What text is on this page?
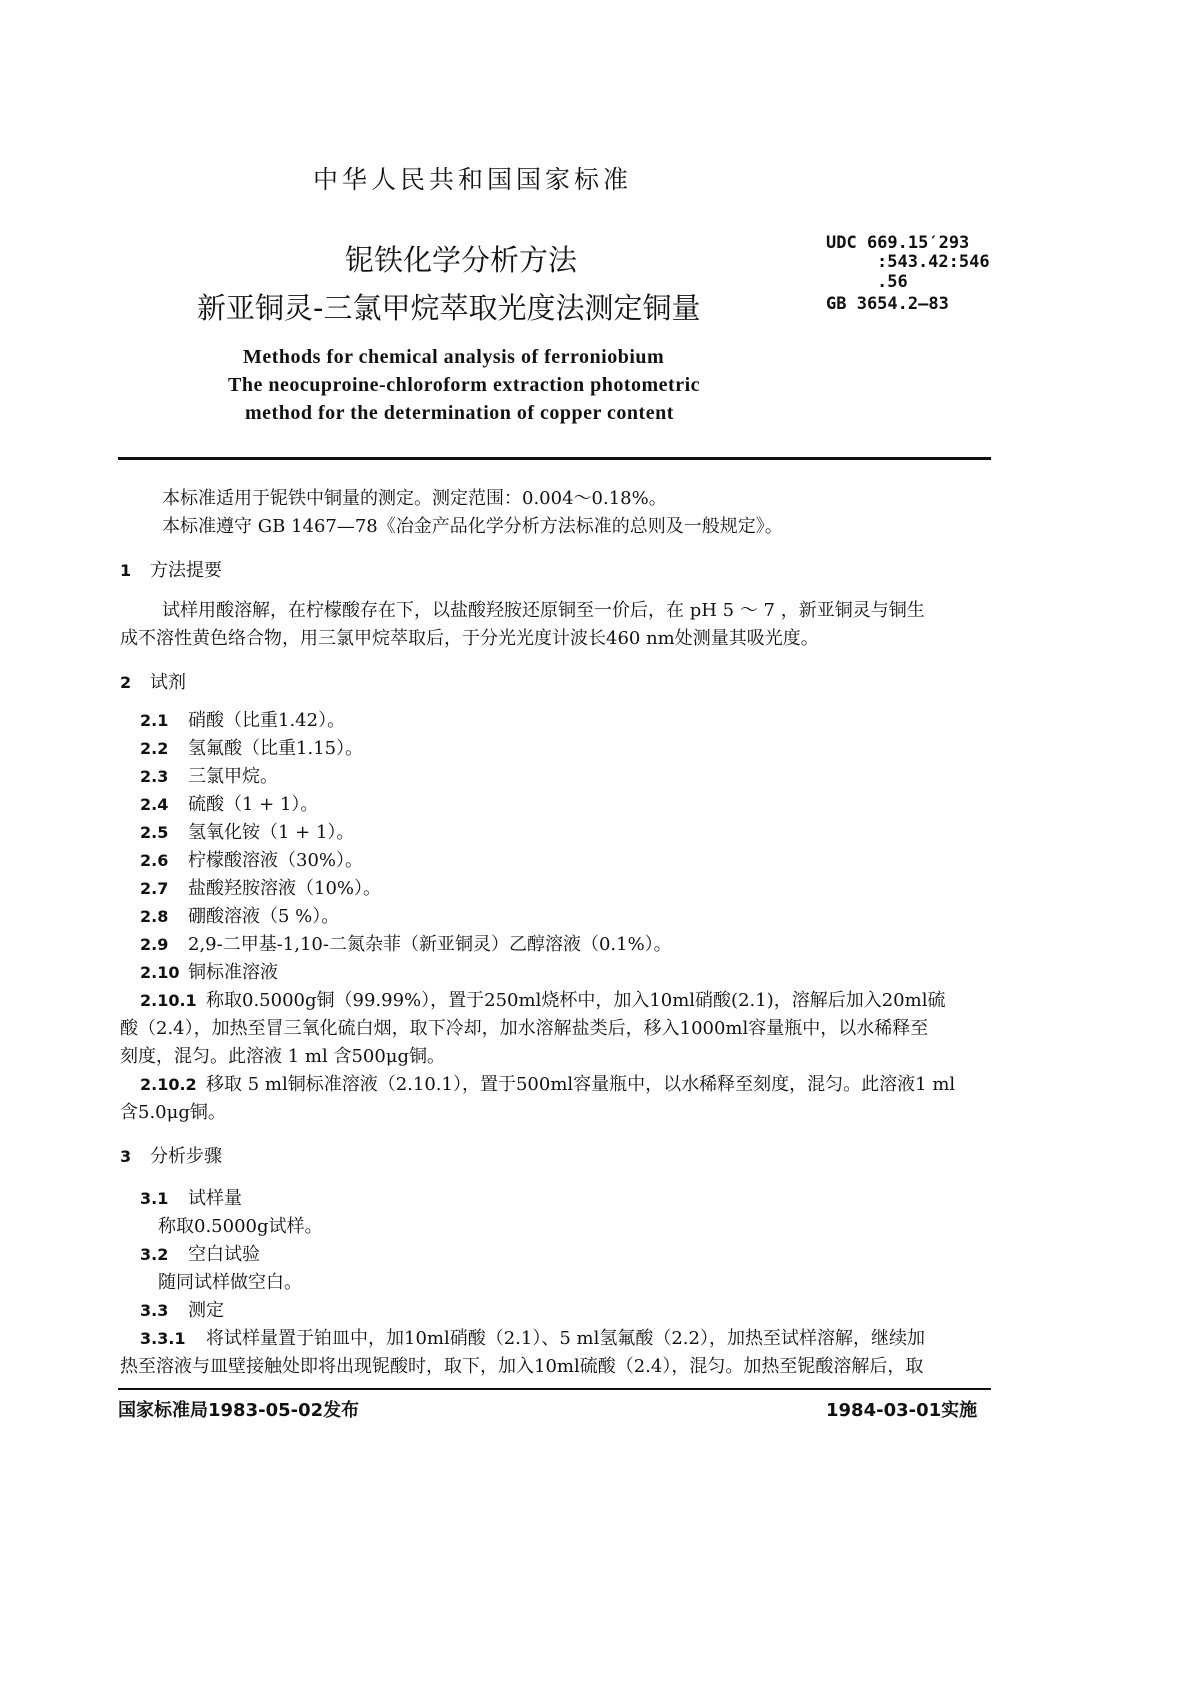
中华人民共和国国家标准
铌铁化学分析方法
新亚铜灵-三氯甲烷萃取光度法测定铜量
UDC 669.15′293
:543.42:546
.56
GB 3654.2—83
Methods for chemical analysis of ferroniobium
The neocuproine-chloroform extraction photometric
method for the determination of copper content
本标准适用于铌铁中铜量的测定。测定范围：0.004～0.18%。
本标准遵守 GB 1467—78《冶金产品化学分析方法标准的总则及一般规定》。
1 方法提要
试样用酸溶解，在柠檬酸存在下，以盐酸羟胺还原铜至一价后，在 pH 5 ～ 7 ，新亚铜灵与铜生
成不溶性黄色络合物，用三氯甲烷萃取后，于分光光度计波长460 nm处测量其吸光度。
2 试剂
2.1 硝酸（比重1.42）。
2.2 氢氟酸（比重1.15）。
2.3 三氯甲烷。
2.4 硫酸（1 + 1）。
2.5 氢氧化铵（1 + 1）。
2.6 柠檬酸溶液（30%）。
2.7 盐酸羟胺溶液（10%）。
2.8 硼酸溶液（5 %）。
2.9 2,9-二甲基-1,10-二氮杂菲（新亚铜灵）乙醇溶液（0.1%）。
2.10 铜标准溶液
2.10.1 称取0.5000g铜（99.99%），置于250ml烧杯中，加入10ml硝酸(2.1)，溶解后加入20ml硫
酸（2.4），加热至冒三氧化硫白烟，取下冷却，加水溶解盐类后，移入1000ml容量瓶中，以水稀释至
刻度，混匀。此溶液 1 ml 含500μg铜。
2.10.2 移取 5 ml铜标准溶液（2.10.1），置于500ml容量瓶中，以水稀释至刻度，混匀。此溶液1 ml
含5.0μg铜。
3 分析步骤
3.1 试样量
称取0.5000g试样。
3.2 空白试验
随同试样做空白。
3.3 测定
3.3.1 将试样量置于铂皿中，加10ml硝酸（2.1）、5 ml氢氟酸（2.2），加热至试样溶解，继续加
热至溶液与皿壁接触处即将出现铌酸时，取下，加入10ml硫酸（2.4），混匀。加热至铌酸溶解后，取
国家标准局1983-05-02发布	1984-03-01实施
